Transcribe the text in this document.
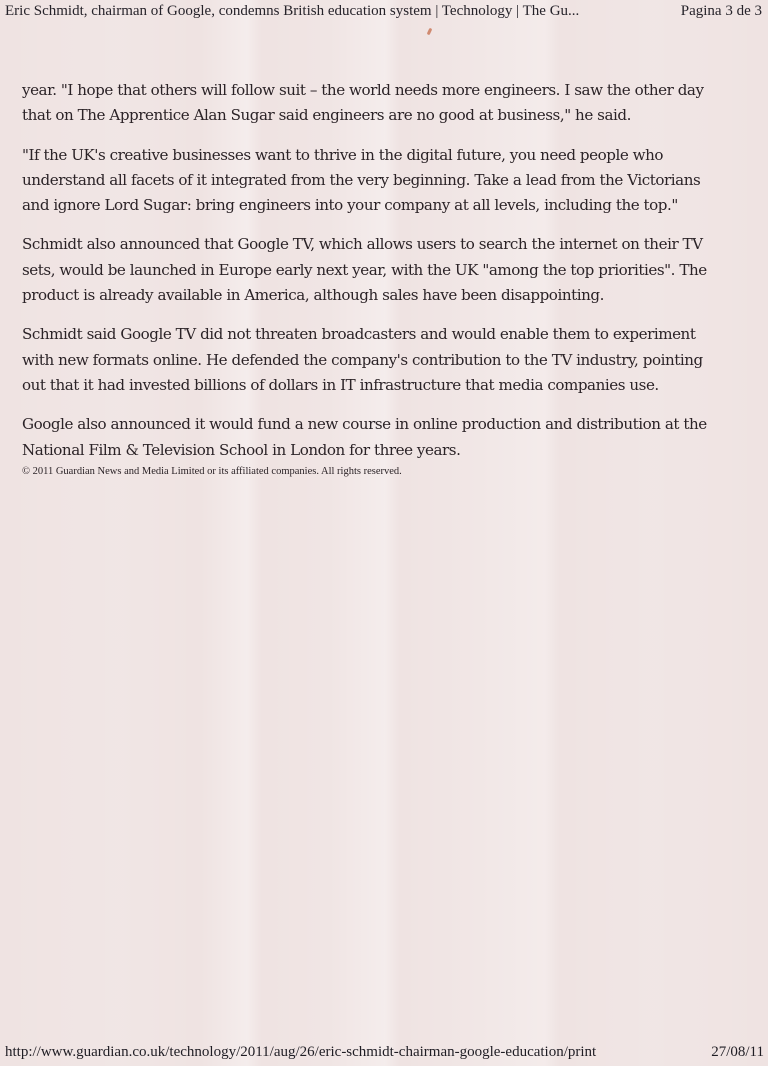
Eric Schmidt, chairman of Google, condemns British education system | Technology | The Gu...	Pagina 3 de 3

year. "I hope that others will follow suit – the world needs more engineers. I saw the other day that on The Apprentice Alan Sugar said engineers are no good at business," he said.

"If the UK's creative businesses want to thrive in the digital future, you need people who understand all facets of it integrated from the very beginning. Take a lead from the Victorians and ignore Lord Sugar: bring engineers into your company at all levels, including the top."

Schmidt also announced that Google TV, which allows users to search the internet on their TV sets, would be launched in Europe early next year, with the UK "among the top priorities". The product is already available in America, although sales have been disappointing.

Schmidt said Google TV did not threaten broadcasters and would enable them to experiment with new formats online. He defended the company's contribution to the TV industry, pointing out that it had invested billions of dollars in IT infrastructure that media companies use.

Google also announced it would fund a new course in online production and distribution at the National Film & Television School in London for three years.

© 2011 Guardian News and Media Limited or its affiliated companies. All rights reserved.

http://www.guardian.co.uk/technology/2011/aug/26/eric-schmidt-chairman-google-education/print	27/08/11
